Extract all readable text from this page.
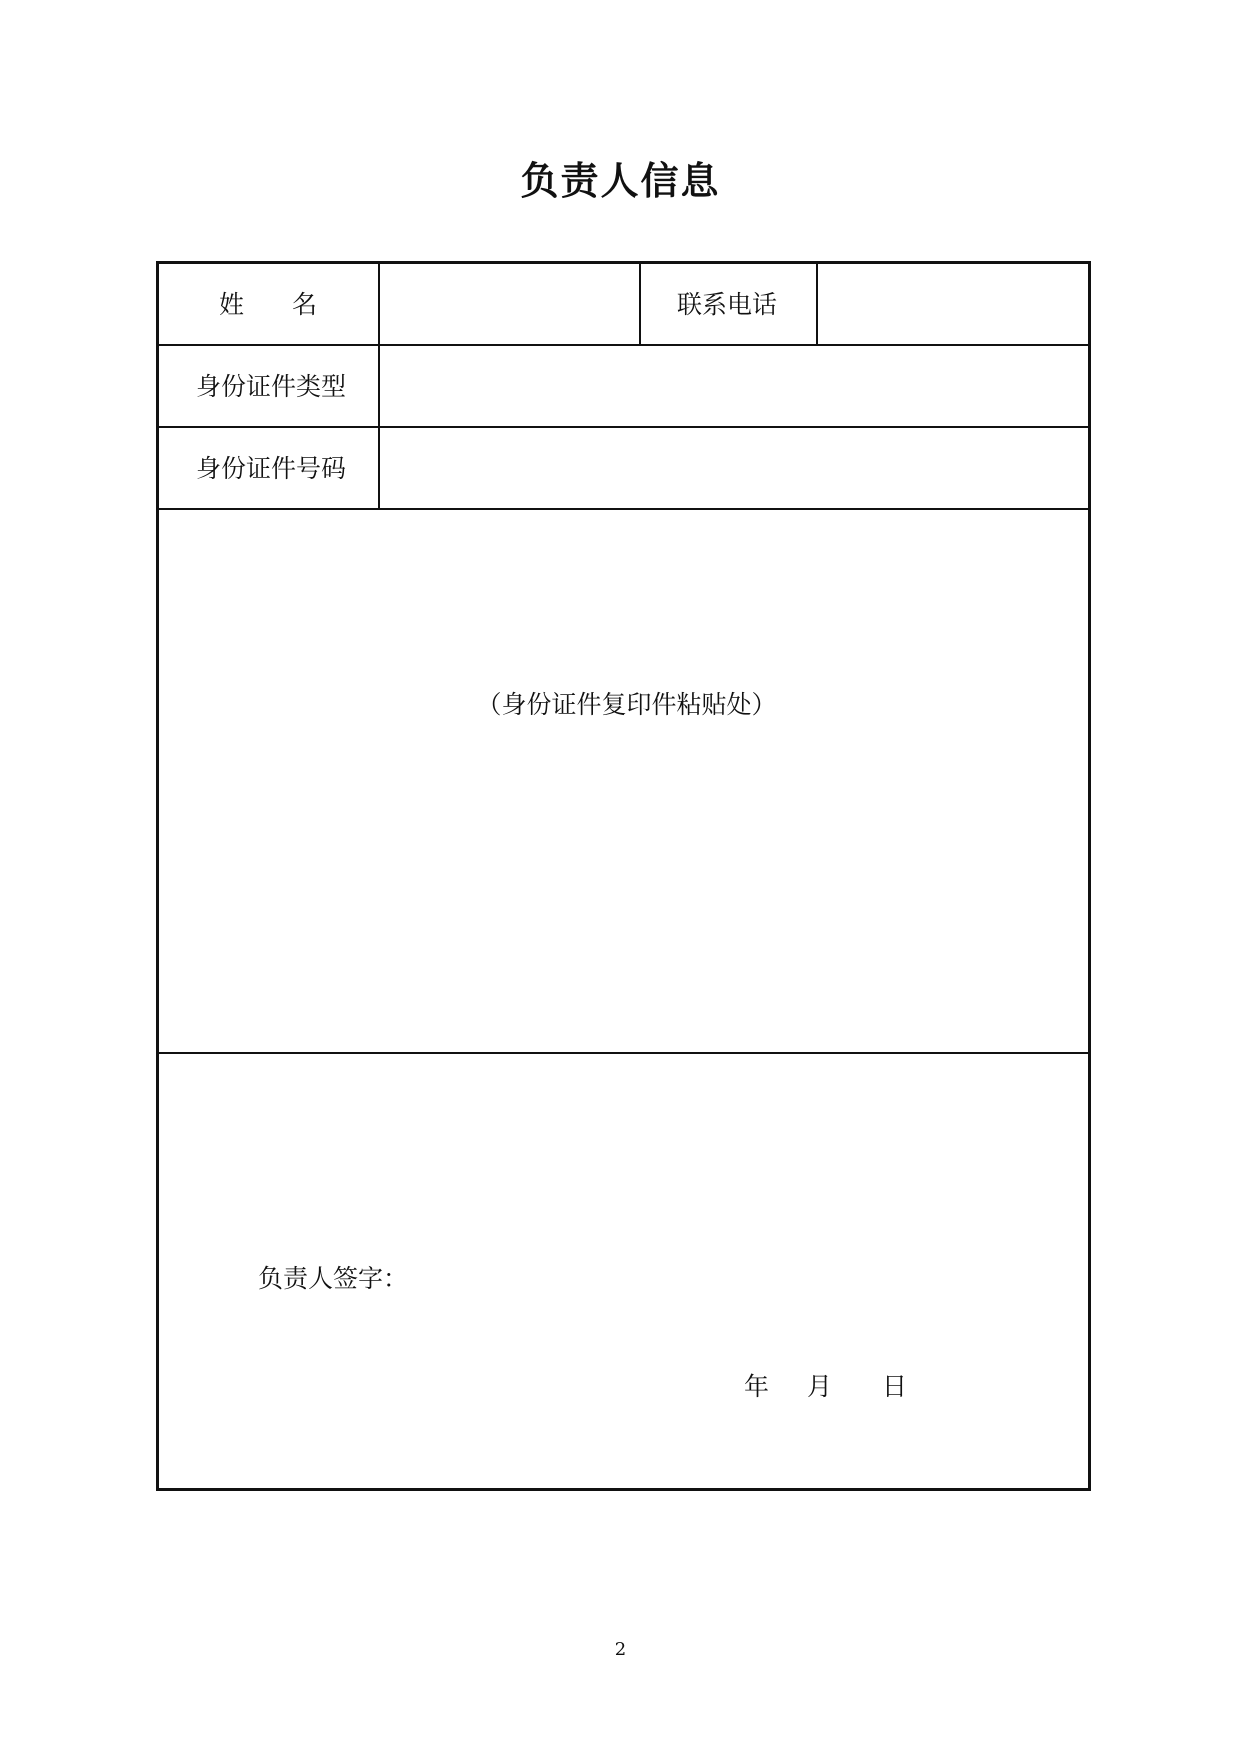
负责人信息
姓名	联系电话
身份证件类型
身份证件号码
（身份证件复印件粘贴处）
负责人签字：
年 月 日
2
